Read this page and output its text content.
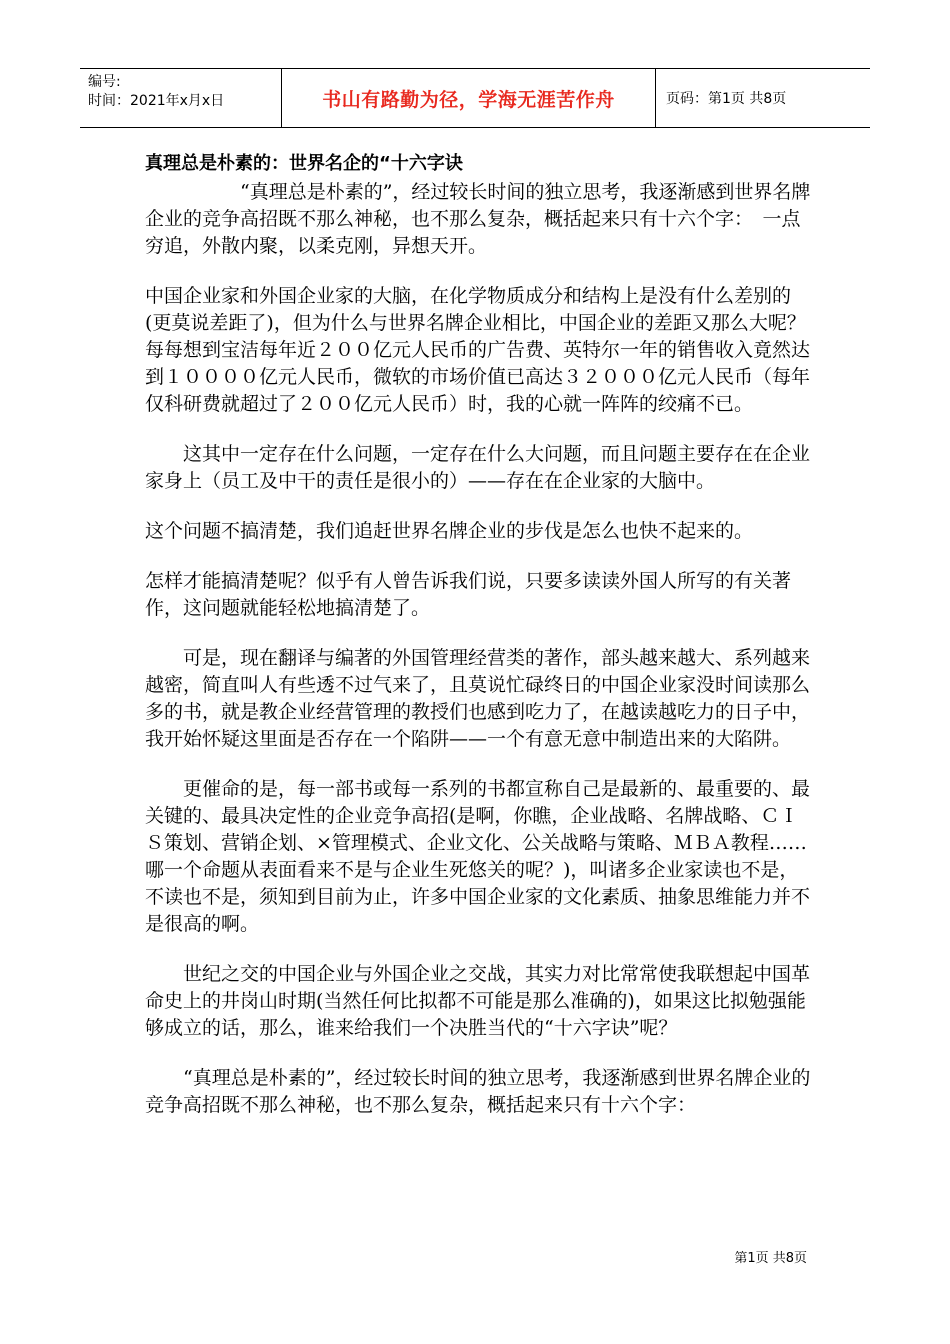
编号:
时间：2021年x月x日	书山有路勤为径，学海无涯苦作舟	页码：第1页 共8页
真理总是朴素的：世界名企的“十六字诀

“真理总是朴素的”，经过较长时间的独立思考，我逐渐感到世界名牌企业的竞争高招既不那么神秘，也不那么复杂，概括起来只有十六个字：　一点穷追，外散内聚，以柔克刚，异想天开。

中国企业家和外国企业家的大脑，在化学物质成分和结构上是没有什么差别的(更莫说差距了)，但为什么与世界名牌企业相比，中国企业的差距又那么大呢？每每想到宝洁每年近２００亿元人民币的广告费、英特尔一年的销售收入竟然达到１００００亿元人民币，微软的市场价值已高达３２０００亿元人民币（每年仅科研费就超过了２００亿元人民币）时，我的心就一阵阵的绞痛不已。

这其中一定存在什么问题，一定存在什么大问题，而且问题主要存在在企业家身上（员工及中干的责任是很小的）——存在在企业家的大脑中。

这个问题不搞清楚，我们追赶世界名牌企业的步伐是怎么也快不起来的。

怎样才能搞清楚呢？似乎有人曾告诉我们说，只要多读读外国人所写的有关著作，这问题就能轻松地搞清楚了。

可是，现在翻译与编著的外国管理经营类的著作，部头越来越大、系列越来越密，简直叫人有些透不过气来了，且莫说忙碌终日的中国企业家没时间读那么多的书，就是教企业经营管理的教授们也感到吃力了，在越读越吃力的日子中，我开始怀疑这里面是否存在一个陷阱——一个有意无意中制造出来的大陷阱。

更催命的是，每一部书或每一系列的书都宣称自己是最新的、最重要的、最关键的、最具决定性的企业竞争高招(是啊，你瞧，企业战略、名牌战略、ＣＩＳ策划、营销企划、×管理模式、企业文化、公关战略与策略、ＭＢＡ教程……哪一个命题从表面看来不是与企业生死悠关的呢？)，叫诸多企业家读也不是，不读也不是，须知到目前为止，许多中国企业家的文化素质、抽象思维能力并不是很高的啊。

世纪之交的中国企业与外国企业之交战，其实力对比常常使我联想起中国革命史上的井岗山时期(当然任何比拟都不可能是那么准确的)，如果这比拟勉强能够成立的话，那么，谁来给我们一个决胜当代的“十六字诀”呢？

“真理总是朴素的”，经过较长时间的独立思考，我逐渐感到世界名牌企业的竞争高招既不那么神秘，也不那么复杂，概括起来只有十六个字：

第1页 共8页
